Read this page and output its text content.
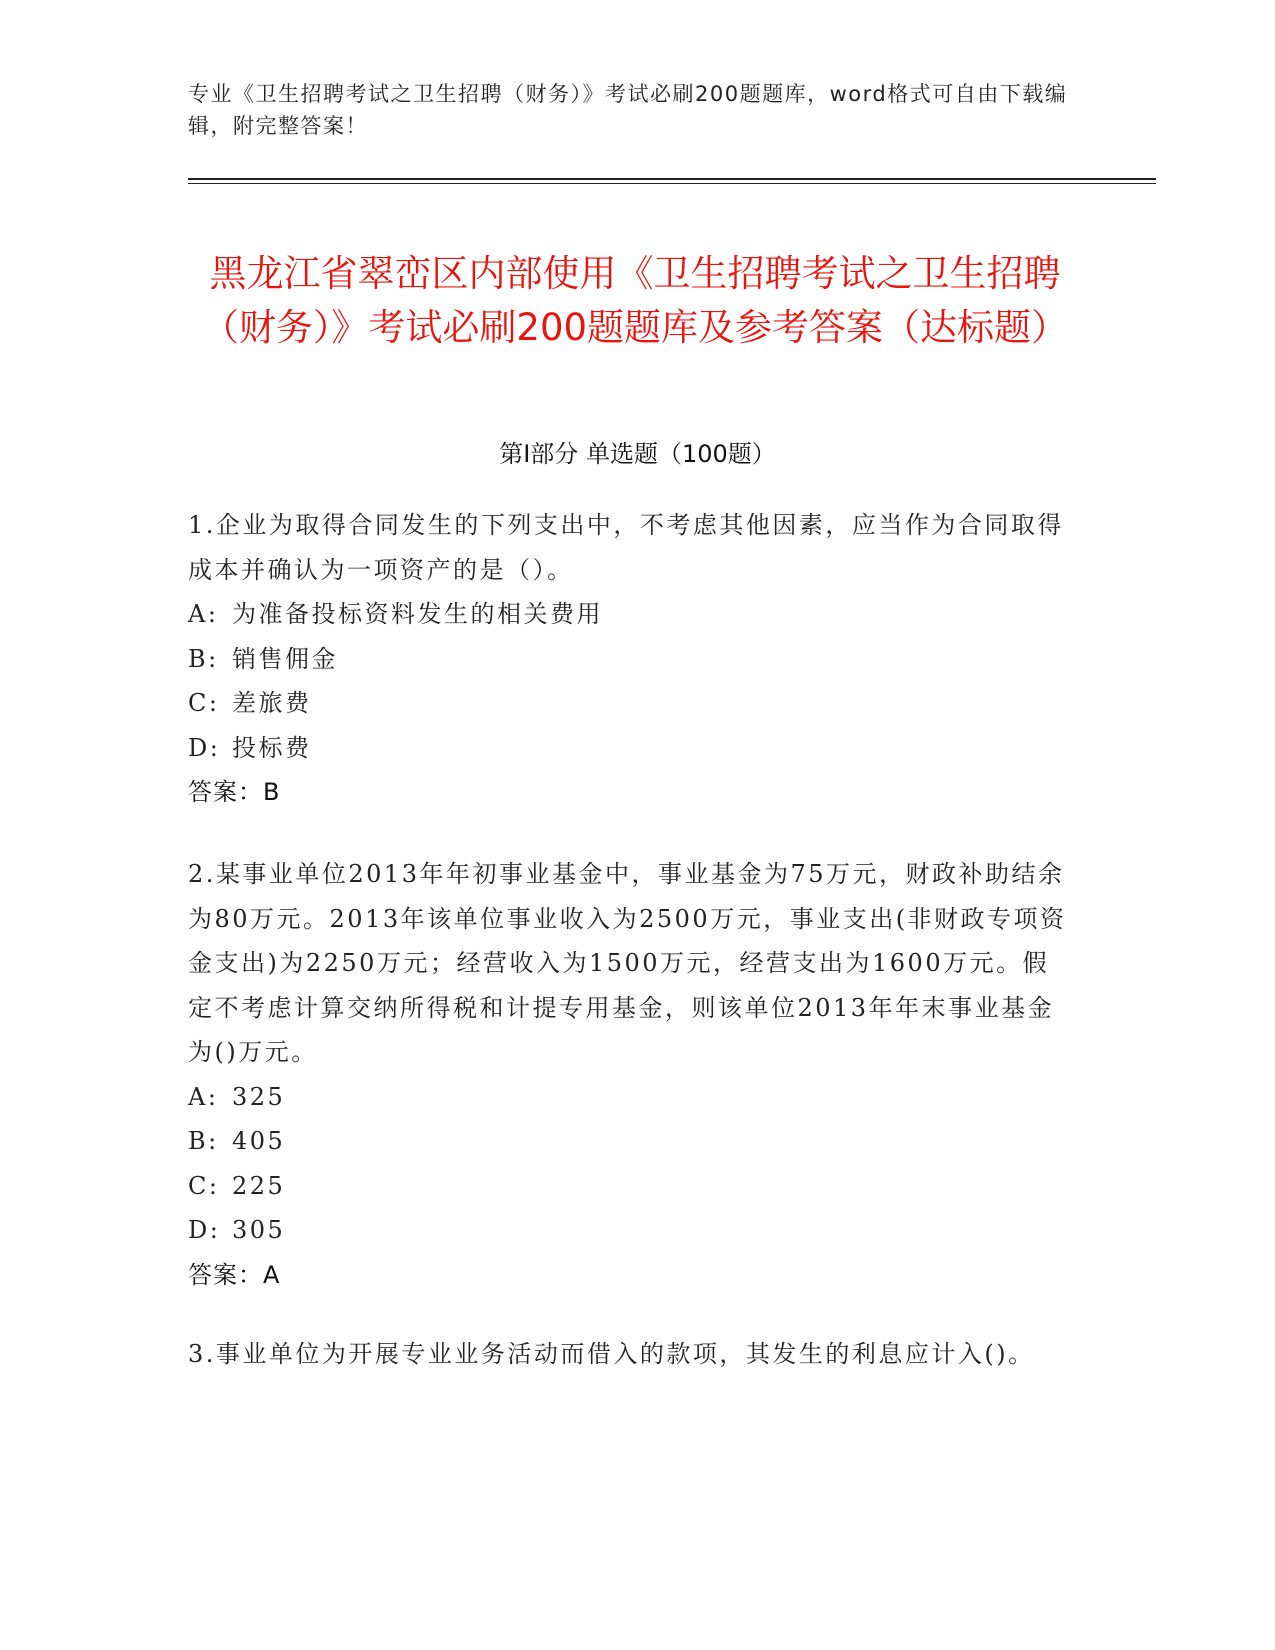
专业《卫生招聘考试之卫生招聘（财务）》考试必刷200题题库，word格式可自由下载编辑，附完整答案！
黑龙江省翠峦区内部使用《卫生招聘考试之卫生招聘（财务）》考试必刷200题题库及参考答案（达标题）
第Ⅰ部分 单选题（100题）

1.企业为取得合同发生的下列支出中，不考虑其他因素，应当作为合同取得成本并确认为一项资产的是（）。

A: 为准备投标资料发生的相关费用

B: 销售佣金

C: 差旅费

D: 投标费

答案：B

2.某事业单位2013年年初事业基金中，事业基金为75万元，财政补助结余为80万元。2013年该单位事业收入为2500万元，事业支出(非财政专项资金支出)为2250万元；经营收入为1500万元，经营支出为1600万元。假定不考虑计算交纳所得税和计提专用基金，则该单位2013年年末事业基金为()万元。

A: 325

B: 405

C: 225

D: 305

答案：A

3.事业单位为开展专业业务活动而借入的款项，其发生的利息应计入()。
